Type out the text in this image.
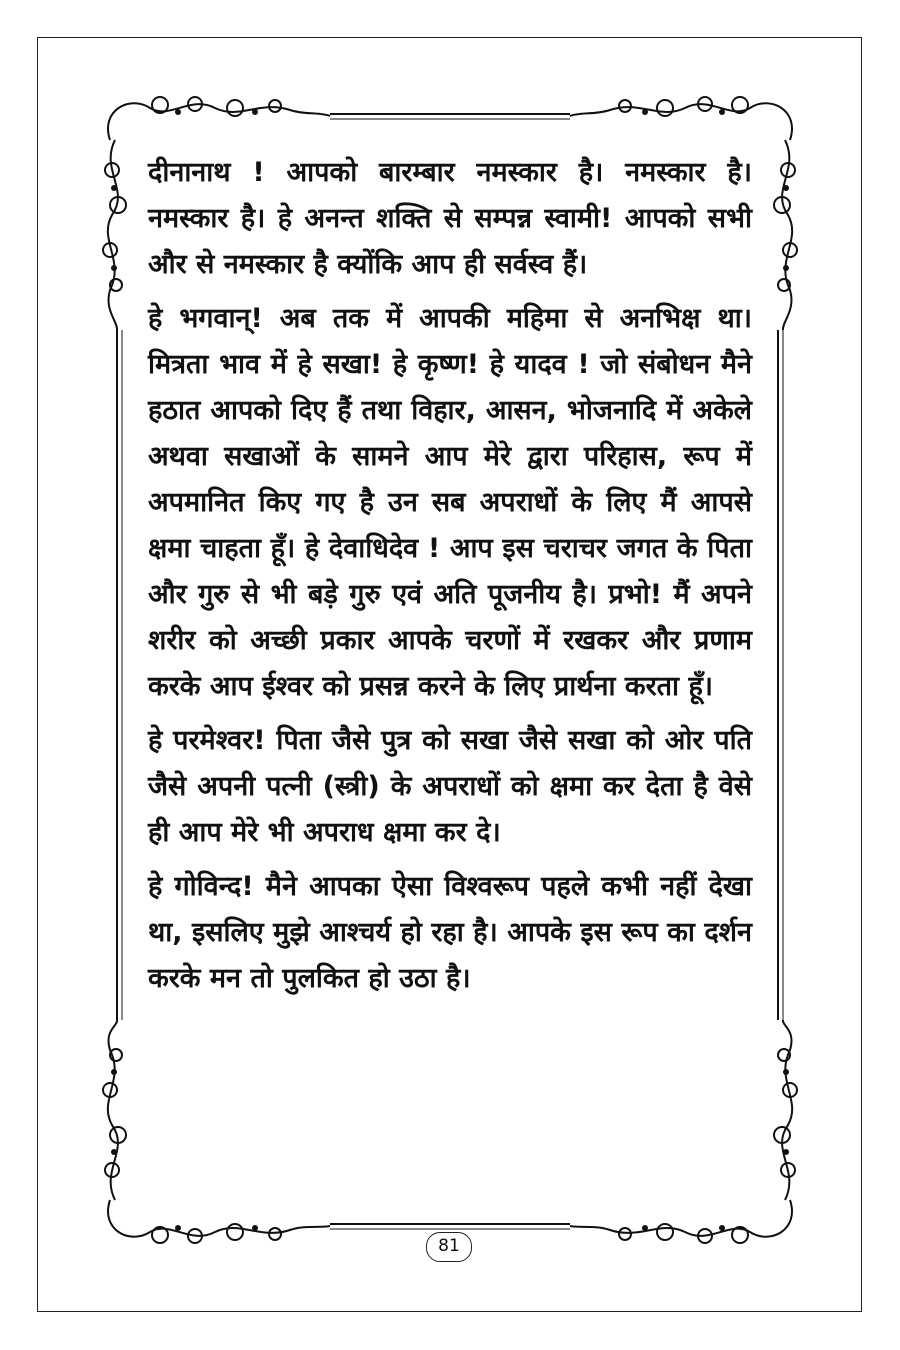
दीनानाथ ! आपको बारम्बार नमस्कार है। नमस्कार है। नमस्कार है। हे अनन्त शक्ति से सम्पन्न स्वामी! आपको सभी और से नमस्कार है क्योंकि आप ही सर्वस्व हैं।

हे भगवान्! अब तक में आपकी महिमा से अनभिक्ष था। मित्रता भाव में हे सखा! हे कृष्ण! हे यादव ! जो संबोधन मैने हठात आपको दिए हैं तथा विहार, आसन, भोजनादि में अकेले अथवा सखाओं के सामने आप मेरे द्वारा परिहास, रूप में अपमानित किए गए है उन सब अपराधों के लिए मैं आपसे क्षमा चाहता हूँ। हे देवाधिदेव ! आप इस चराचर जगत के पिता और गुरु से भी बड़े गुरु एवं अति पूजनीय है। प्रभो! मैं अपने शरीर को अच्छी प्रकार आपके चरणों में रखकर और प्रणाम करके आप ईश्वर को प्रसन्न करने के लिए प्रार्थना करता हूँ।

हे परमेश्वर! पिता जैसे पुत्र को सखा जैसे सखा को ओर पति जैसे अपनी पत्नी (स्त्री) के अपराधों को क्षमा कर देता है वेसे ही आप मेरे भी अपराध क्षमा कर दे।

हे गोविन्द! मैने आपका ऐसा विश्वरूप पहले कभी नहीं देखा था, इसलिए मुझे आश्चर्य हो रहा है। आपके इस रूप का दर्शन करके मन तो पुलकित हो उठा है।

81
